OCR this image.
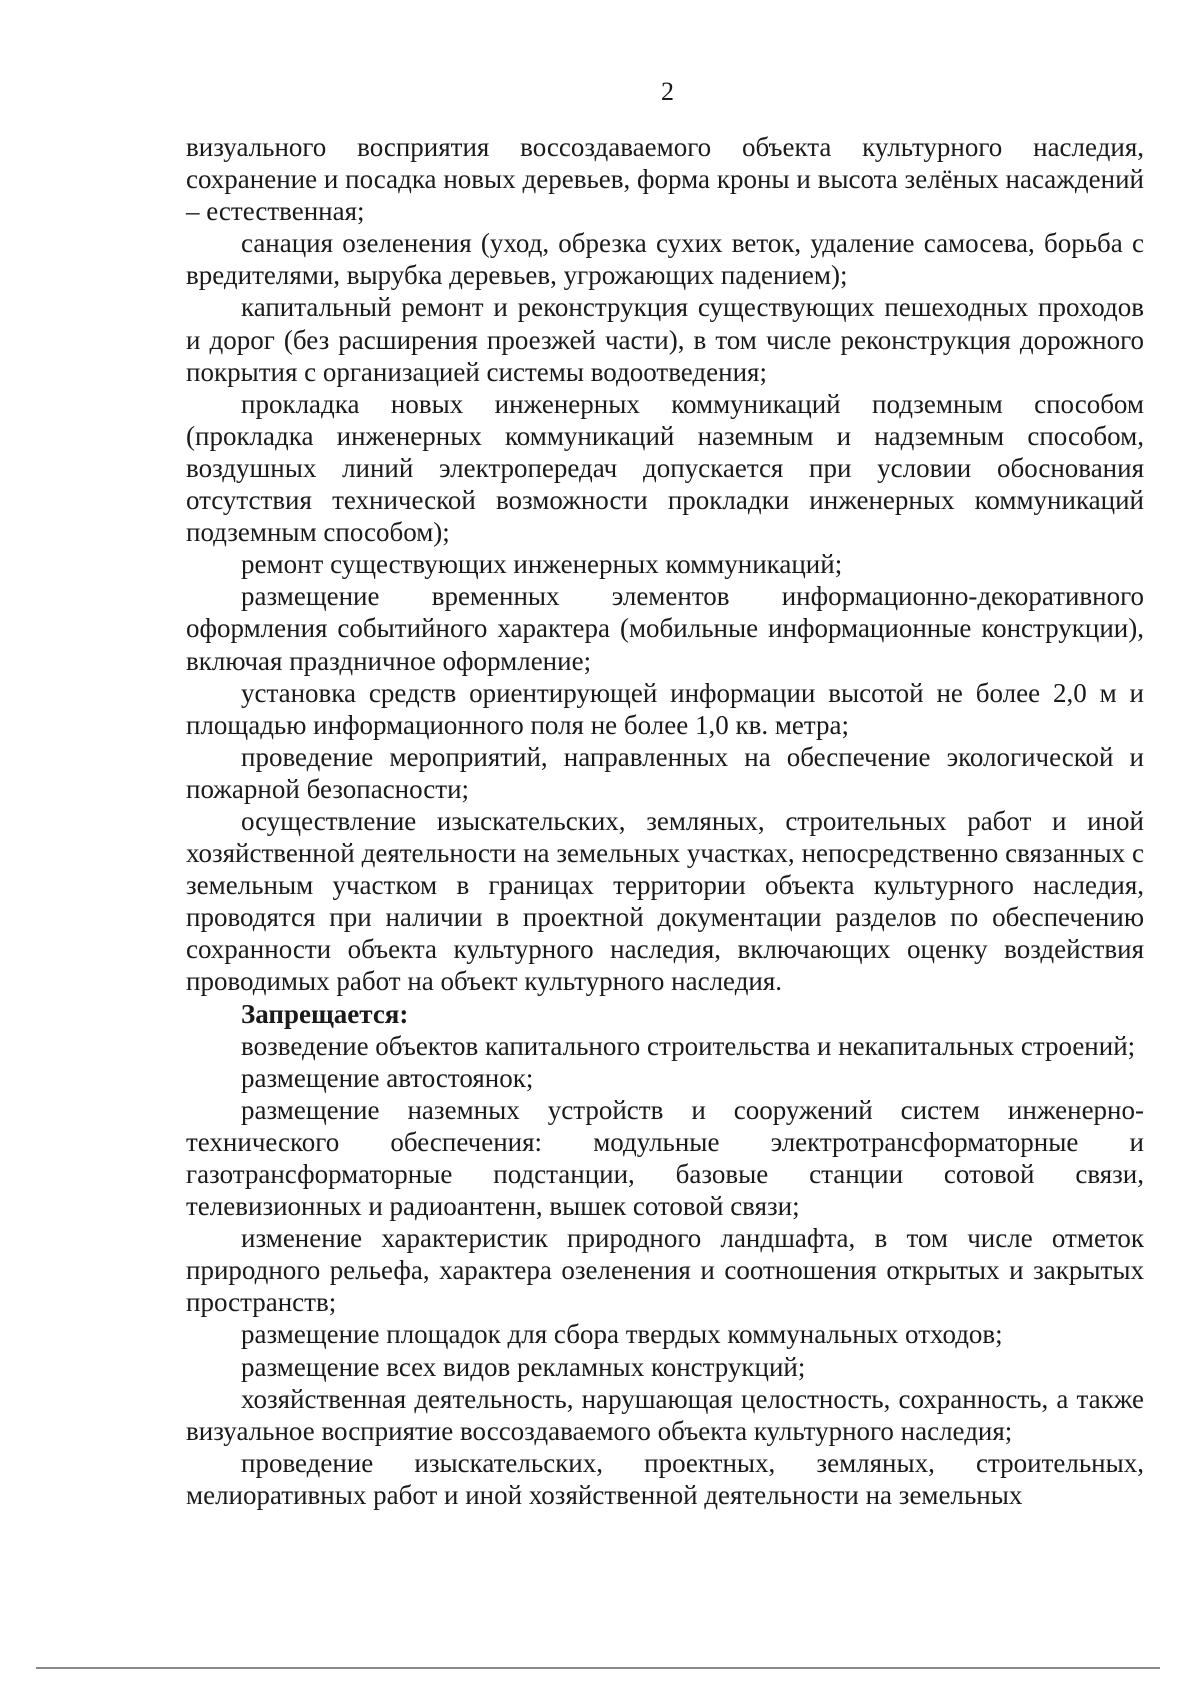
2

визуального восприятия воссоздаваемого объекта культурного наследия, сохранение и посадка новых деревьев, форма кроны и высота зелёных насаждений – естественная;

санация озеленения (уход, обрезка сухих веток, удаление самосева, борьба с вредителями, вырубка деревьев, угрожающих падением);

капитальный ремонт и реконструкция существующих пешеходных проходов и дорог (без расширения проезжей части), в том числе реконструкция дорожного покрытия с организацией системы водоотведения;

прокладка новых инженерных коммуникаций подземным способом (прокладка инженерных коммуникаций наземным и надземным способом, воздушных линий электропередач допускается при условии обоснования отсутствия технической возможности прокладки инженерных коммуникаций подземным способом);

ремонт существующих инженерных коммуникаций;

размещение временных элементов информационно-декоративного оформления событийного характера (мобильные информационные конструкции), включая праздничное оформление;

установка средств ориентирующей информации высотой не более 2,0 м и площадью информационного поля не более 1,0 кв. метра;

проведение мероприятий, направленных на обеспечение экологической и пожарной безопасности;

осуществление изыскательских, земляных, строительных работ и иной хозяйственной деятельности на земельных участках, непосредственно связанных с земельным участком в границах территории объекта культурного наследия, проводятся при наличии в проектной документации разделов по обеспечению сохранности объекта культурного наследия, включающих оценку воздействия проводимых работ на объект культурного наследия.

Запрещается:

возведение объектов капитального строительства и некапитальных строений;

размещение автостоянок;

размещение наземных устройств и сооружений систем инженерно-технического обеспечения: модульные электротрансформаторные и газотрансформаторные подстанции, базовые станции сотовой связи, телевизионных и радиоантенн, вышек сотовой связи;

изменение характеристик природного ландшафта, в том числе отметок природного рельефа, характера озеленения и соотношения открытых и закрытых пространств;

размещение площадок для сбора твердых коммунальных отходов;

размещение всех видов рекламных конструкций;

хозяйственная деятельность, нарушающая целостность, сохранность, а также визуальное восприятие воссоздаваемого объекта культурного наследия;

проведение изыскательских, проектных, земляных, строительных, мелиоративных работ и иной хозяйственной деятельности на земельных
